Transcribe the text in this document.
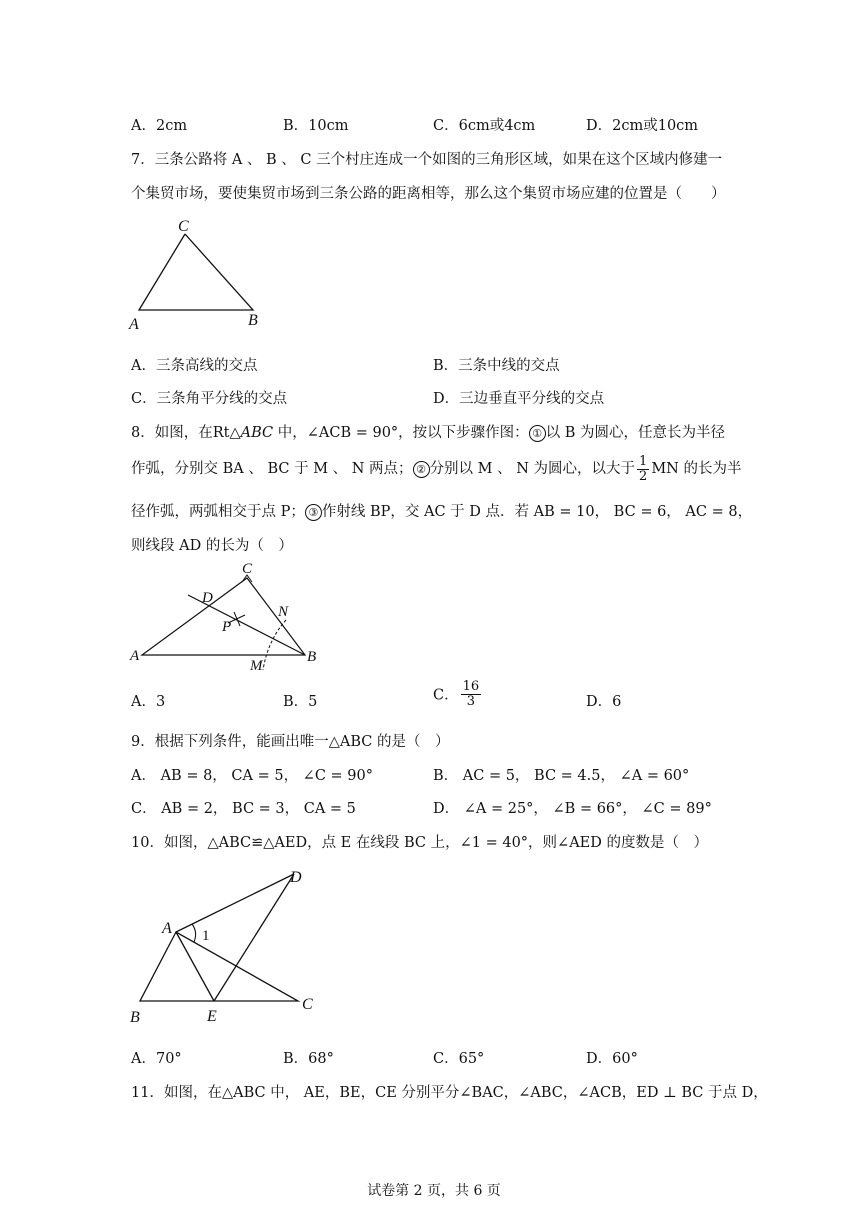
A．2cm	B．10cm	C．6cm或4cm	D．2cm或10cm
7．三条公路将 A 、 B 、 C 三个村庄连成一个如图的三角形区域，如果在这个区域内修建一
个集贸市场，要使集贸市场到三条公路的距离相等，那么这个集贸市场应建的位置是（　　）
C
A	B
A．三条高线的交点	B．三条中线的交点
C．三条角平分线的交点	D．三边垂直平分线的交点
8．如图，在Rt△ABC 中，∠ACB = 90°，按以下步骤作图： ① 以 B 为圆心，任意长为半径
作弧，分别交 BA 、 BC 于 M 、 N 两点； ② 分别以 M 、 N 为圆心，以大于 $\frac{1}{2}$ MN 的长为半
径作弧，两弧相交于点 P； ③ 作射线 BP，交 AC 于 D 点．若 AB = 10， BC = 6， AC = 8，
则线段 AD 的长为（　）
C
D
N
P
A
M
B
A．3	B．5	C． $\frac{16}{3}$	D．6
9．根据下列条件，能画出唯一△ABC 的是（　）
A． AB = 8， CA = 5， ∠C = 90°	B． AC = 5， BC = 4.5， ∠A = 60°
C． AB = 2， BC = 3， CA = 5	D． ∠A = 25°， ∠B = 66°， ∠C = 89°
10．如图，△ABC≌△AED，点 E 在线段 BC 上，∠1 = 40°，则∠AED 的度数是（　）
D
A 1
B	E
C
A．70°	B．68°	C．65°	D．60°
11．如图，在△ABC 中， AE，BE，CE 分别平分∠BAC，∠ABC，∠ACB，ED ⊥ BC 于点 D，
试卷第 2 页，共 6 页
